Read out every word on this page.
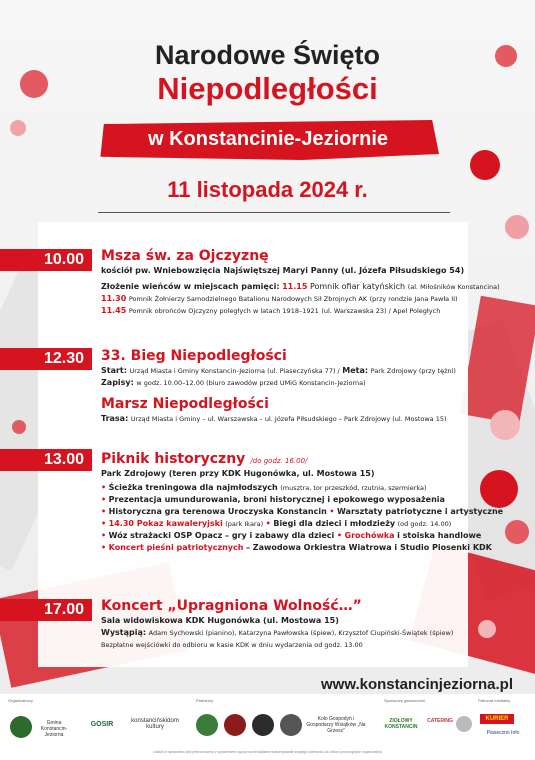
Narodowe Święto
Niepodległości
w Konstancinie-Jeziornie
11 listopada 2024 r.
10.00	Msza św. za Ojczyznę
kościół pw. Wniebowzięcia Najświętszej Maryi Panny (ul. Józefa Piłsudskiego 54)
Złożenie wieńców w miejscach pamięci: 11.15 Pomnik ofiar katyńskich (al. Miłośników Konstancina)
11.30 Pomnik Żołnierzy Samodzielnego Batalionu Narodowych Sił Zbrojnych AK (przy rondzie Jana Pawła II)
11.45 Pomnik obrońców Ojczyzny poległych w latach 1918–1921 (ul. Warszawska 23) / Apel Poległych
12.30	33. Bieg Niepodległości
Start: Urząd Miasta i Gminy Konstancin-Jeziorna (ul. Piaseczyńska 77) / Meta: Park Zdrojowy (przy tężni)
Zapisy: w godz. 10.00–12.00 (biuro zawodów przed UMiG Konstancin-Jeziorna)
Marsz Niepodległości
Trasa: Urząd Miasta i Gminy – ul. Warszawska – ul. Józefa Piłsudskiego – Park Zdrojowy (ul. Mostowa 15)
13.00	Piknik historyczny /do godz. 16.00/
Park Zdrojowy (teren przy KDK Hugonówka, ul. Mostowa 15)
• Ścieżka treningowa dla najmłodszych (musztra, tor przeszkód, rzutnia, szermierka)
• Prezentacja umundurowania, broni historycznej i epokowego wyposażenia
• Historyczna gra terenowa Uroczyska Konstancin • Warsztaty patriotyczne i artystyczne
• 14.30 Pokaz kawaleryjski (park Ikara) • Biegi dla dzieci i młodzieży (od godz. 14.00)
• Wóz strażacki OSP Opacz – gry i zabawy dla dzieci • Grochówka i stoiska handlowe
• Koncert pieśni patriotycznych – Zawodowa Orkiestra Wiatrowa i Studio Piosenki KDK
17.00	Koncert „Upragniona Wolność…”
Sala widowiskowa KDK Hugonówka (ul. Mostowa 15)
Wystąpią: Adam Sychowski (pianino), Katarzyna Pawłowska (śpiew), Krzysztof Ciupiński-Świątek (śpiew)
Bezpłatne wejściówki do odbioru w kasie KDK w dniu wydarzenia od godz. 13.00
www.konstancinjeziorna.pl
Organizatorzy	Partnerzy	Sponsorzy gastronomii	Patronat medialny
Gmina Konstancin-Jeziorna
GOSIR	konstancińskidom kultury
Koło Gospodyń i Gospodarzy Wsiątków „Na Grzesz”
ZIOŁOWY KONSTANCIN
CATERING	KURIER
Piaseczno Info
Udział w wydarzeniu jest jednoznaczny z wyrażeniem zgody na nieodpłatne wykorzystanie swojego wizerunku do celów promocyjnych organizatora
